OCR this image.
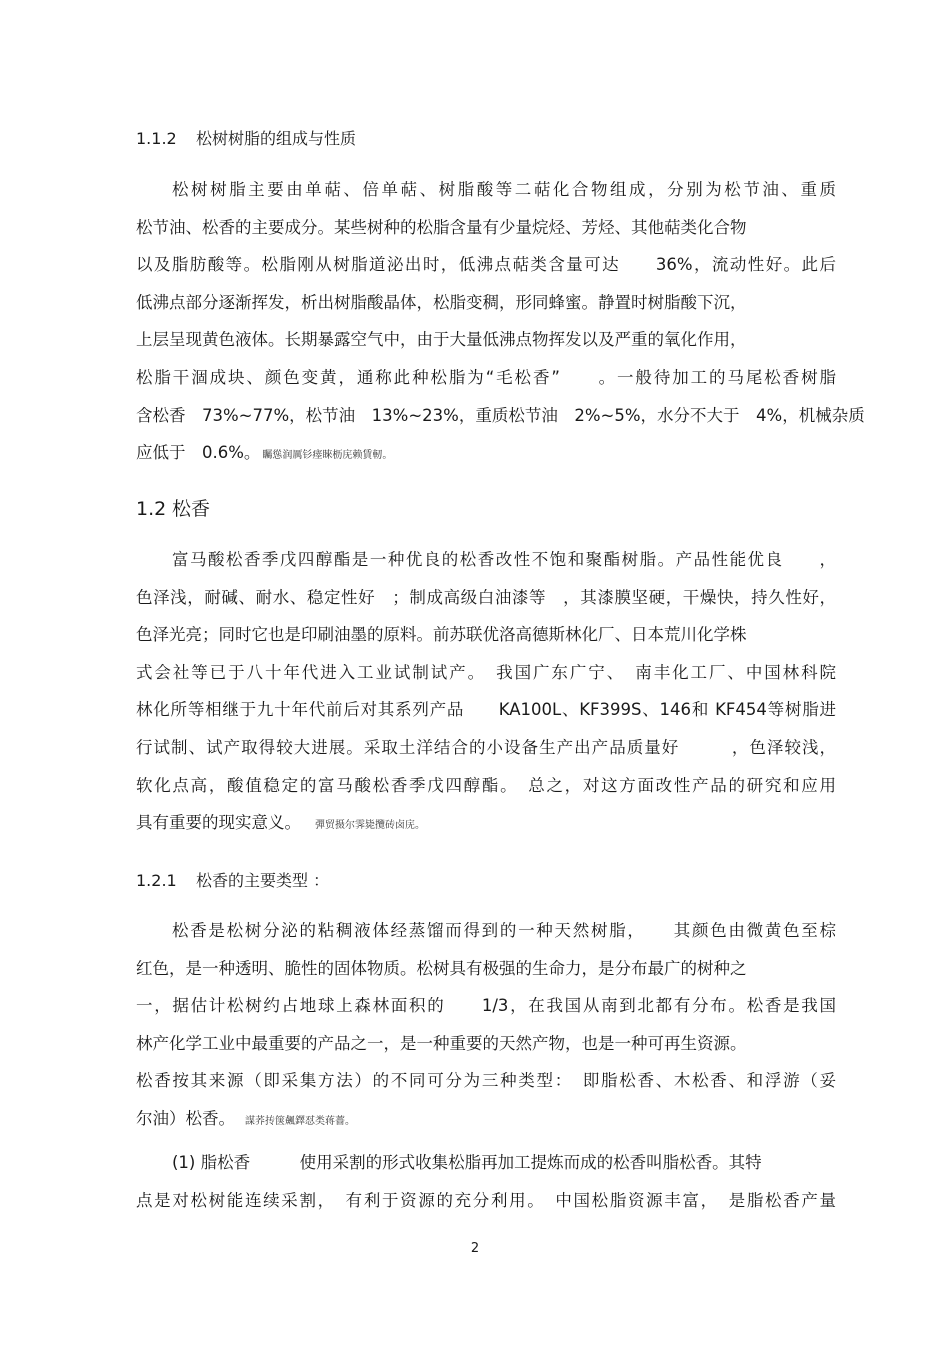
1.1.2 松树树脂的组成与性质
松树树脂主要由单萜、倍单萜、树脂酸等二萜化合物组成，分别为松节油、重质
松节油、松香的主要成分。某些树种的松脂含量有少量烷烃、芳烃、其他萜类化合物
以及脂肪酸等。松脂刚从树脂道泌出时，低沸点萜类含量可达　　36%，流动性好。此后
低沸点部分逐渐挥发，析出树脂酸晶体，松脂变稠，形同蜂蜜。静置时树脂酸下沉，
上层呈现黄色液体。长期暴露空气中，由于大量低沸点物挥发以及严重的氧化作用，
松脂干涸成块、颜色变黄，通称此种松脂为“毛松香”　　。一般待加工的马尾松香树脂
含松香　73%~77%，松节油　13%~23%，重质松节油　2%~5%，水分不大于　4%，机械杂质
应低于　0.6%。 矚慫润厲钐瘗睞枥庑赖賃軔。
1.2 松香
富马酸松香季戊四醇酯是一种优良的松香改性不饱和聚酯树脂。产品性能优良　　，
色泽浅，耐碱、耐水、稳定性好　；制成高级白油漆等　，其漆膜坚硬，干燥快，持久性好，
色泽光亮；同时它也是印刷油墨的原料。前苏联优洛高德斯林化厂、日本荒川化学株
式会社等已于八十年代进入工业试制试产。　我国广东广宁、　南丰化工厂、中国林科院
林化所等相继于九十年代前后对其系列产品　　KA100L、KF399S、146和 KF454等树脂进
行试制、试产取得较大进展。采取土洋结合的小设备生产出产品质量好　　　，色泽较浅，
软化点高，酸值稳定的富马酸松香季戊四醇酯。　总之，对这方面改性产品的研究和应用
具有重要的现实意义。 彈贸摄尔霁毙攬砖卤庑。
1.2.1 松香的主要类型 ：
松香是松树分泌的粘稠液体经蒸馏而得到的一种天然树脂，　　其颜色由微黄色至棕
红色，是一种透明、脆性的固体物质。松树具有极强的生命力，是分布最广的树种之
一，据估计松树约占地球上森林面积的　　1/3，在我国从南到北都有分布。松香是我国
林产化学工业中最重要的产品之一，是一种重要的天然产物，也是一种可再生资源。
松香按其来源（即采集方法）的不同可分为三种类型：　即脂松香、木松香、和浮游（妥
尔油）松香。 謀荞抟箧飆鐸怼类蒋薔。
(1) 脂松香　　　使用采割的形式收集松脂再加工提炼而成的松香叫脂松香。其特
点是对松树能连续采割，　有利于资源的充分利用。　中国松脂资源丰富，　是脂松香产量
2
